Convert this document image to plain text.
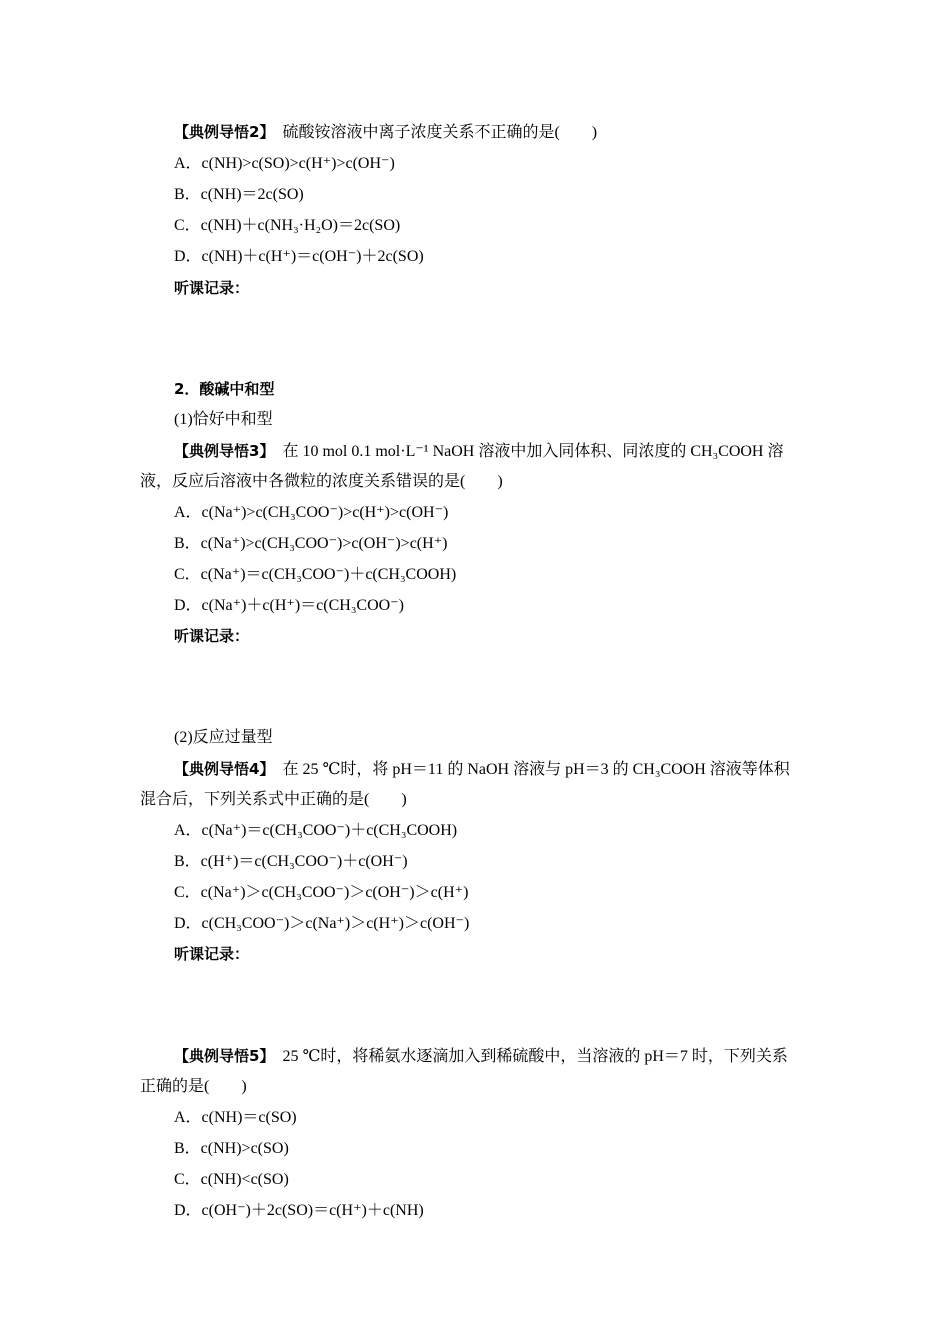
【典例导悟2】 硫酸铵溶液中离子浓度关系不正确的是(　　)
A．c(NH)>c(SO)>c(H⁺)>c(OH⁻)
B．c(NH)＝2c(SO)
C．c(NH)＋c(NH₃·H₂O)＝2c(SO)
D．c(NH)＋c(H⁺)＝c(OH⁻)＋2c(SO)
听课记录：
2．酸碱中和型
(1)恰好中和型
【典例导悟3】 在 10 mol 0.1 mol·L⁻¹ NaOH 溶液中加入同体积、同浓度的 CH₃COOH 溶
液，反应后溶液中各微粒的浓度关系错误的是(　　)
A．c(Na⁺)>c(CH₃COO⁻)>c(H⁺)>c(OH⁻)
B．c(Na⁺)>c(CH₃COO⁻)>c(OH⁻)>c(H⁺)
C．c(Na⁺)＝c(CH₃COO⁻)＋c(CH₃COOH)
D．c(Na⁺)＋c(H⁺)＝c(CH₃COO⁻)
听课记录：
(2)反应过量型
【典例导悟4】 在 25 ℃时，将 pH＝11 的 NaOH 溶液与 pH＝3 的 CH₃COOH 溶液等体积
混合后，下列关系式中正确的是(　　)
A．c(Na⁺)＝c(CH₃COO⁻)＋c(CH₃COOH)
B．c(H⁺)＝c(CH₃COO⁻)＋c(OH⁻)
C．c(Na⁺)＞c(CH₃COO⁻)＞c(OH⁻)＞c(H⁺)
D．c(CH₃COO⁻)＞c(Na⁺)＞c(H⁺)＞c(OH⁻)
听课记录：
【典例导悟5】 25 ℃时，将稀氨水逐滴加入到稀硫酸中，当溶液的 pH＝7 时，下列关系
正确的是(　　)
A．c(NH)＝c(SO)
B．c(NH)>c(SO)
C．c(NH)<c(SO)
D．c(OH⁻)＋2c(SO)＝c(H⁺)＋c(NH)
